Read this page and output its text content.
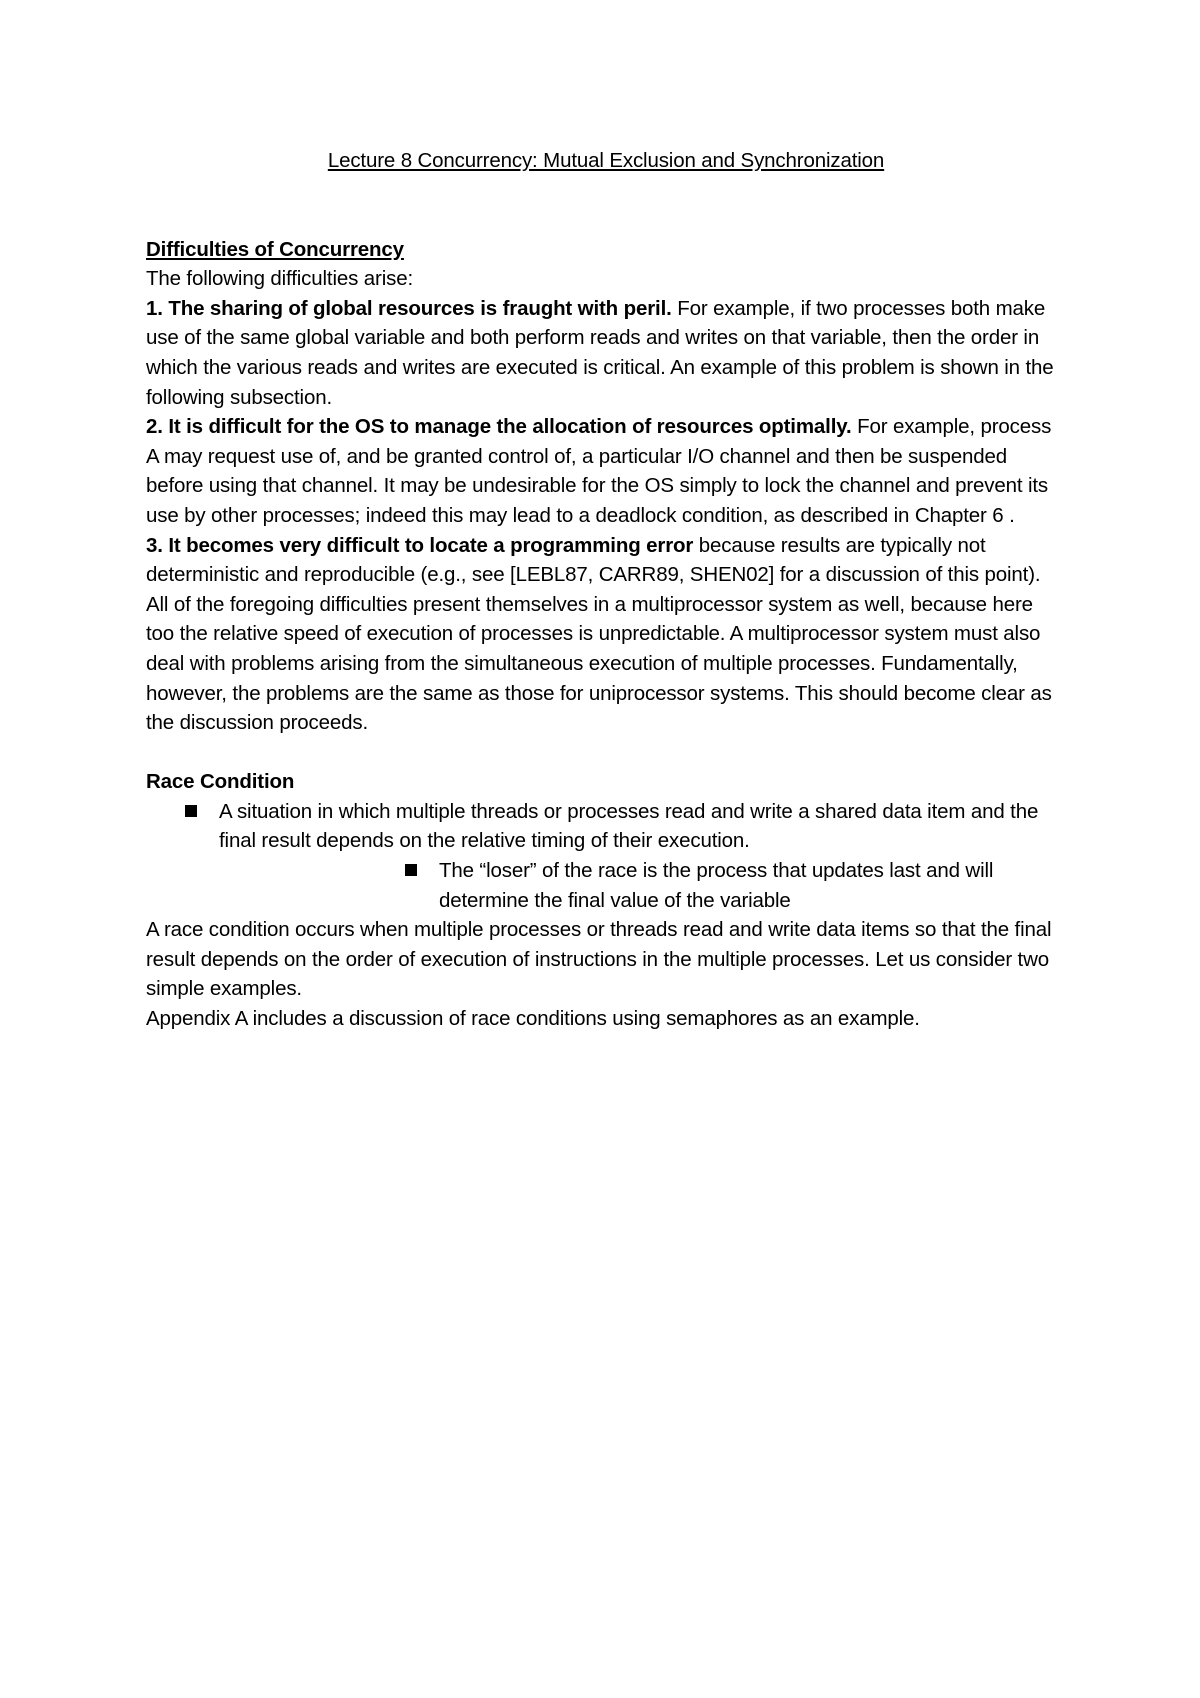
Lecture 8 Concurrency: Mutual Exclusion and Synchronization

Difficulties of Concurrency

The following difficulties arise:

1. The sharing of global resources is fraught with peril. For example, if two processes both make use of the same global variable and both perform reads and writes on that variable, then the order in which the various reads and writes are executed is critical. An example of this problem is shown in the following subsection.

2. It is difficult for the OS to manage the allocation of resources optimally. For example, process A may request use of, and be granted control of, a particular I/O channel and then be suspended before using that channel. It may be undesirable for the OS simply to lock the channel and prevent its use by other processes; indeed this may lead to a deadlock condition, as described in Chapter 6 .

3. It becomes very difficult to locate a programming error because results are typically not deterministic and reproducible (e.g., see [LEBL87, CARR89, SHEN02] for a discussion of this point).

All of the foregoing difficulties present themselves in a multiprocessor system as well, because here too the relative speed of execution of processes is unpredictable. A multiprocessor system must also deal with problems arising from the simultaneous execution of multiple processes. Fundamentally, however, the problems are the same as those for uniprocessor systems. This should become clear as the discussion proceeds.

Race Condition

A situation in which multiple threads or processes read and write a shared data item and the final result depends on the relative timing of their execution.
The “loser” of the race is the process that updates last and will determine the final value of the variable

A race condition occurs when multiple processes or threads read and write data items so that the final result depends on the order of execution of instructions in the multiple processes. Let us consider two simple examples.

Appendix A includes a discussion of race conditions using semaphores as an example.
